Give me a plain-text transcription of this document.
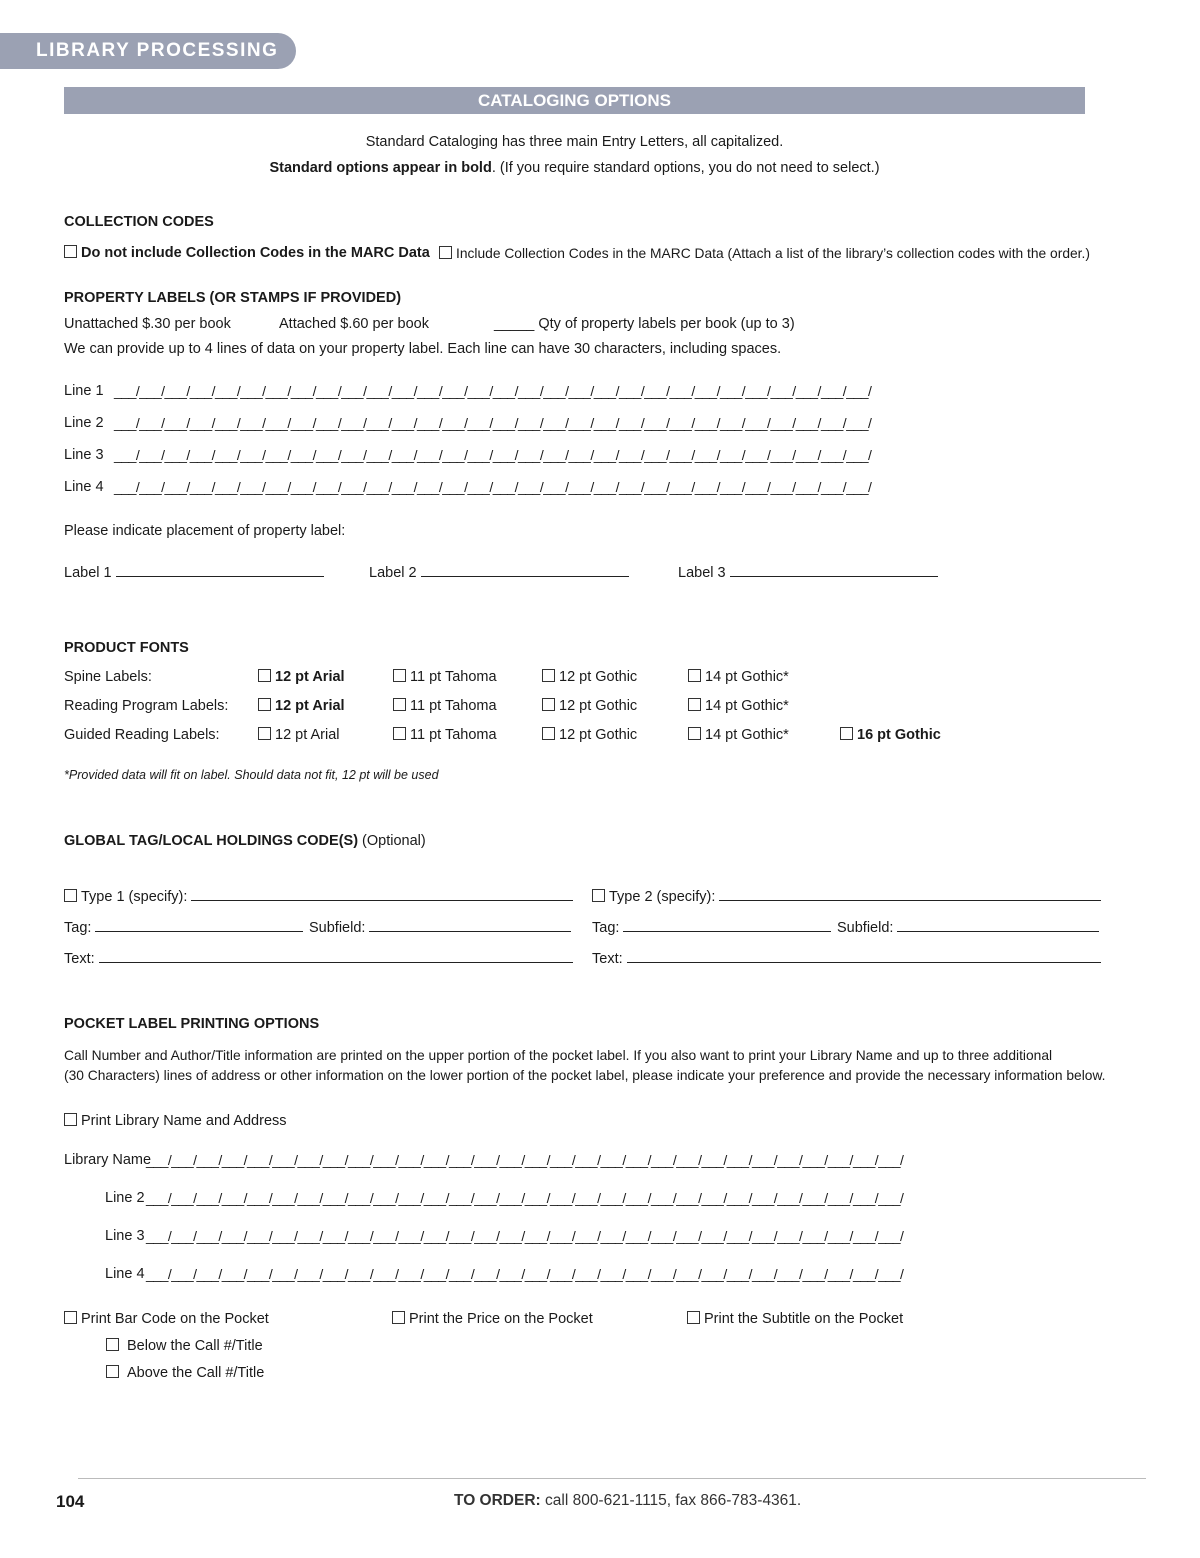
LIBRARY PROCESSING
CATALOGING OPTIONS
Standard Cataloging has three main Entry Letters, all capitalized.
Standard options appear in bold. (If you require standard options, you do not need to select.)
COLLECTION CODES
Do not include Collection Codes in the MARC Data	Include Collection Codes in the MARC Data (Attach a list of the library’s collection codes with the order.)
PROPERTY LABELS (OR STAMPS IF PROVIDED)
Unattached $.30 per book	Attached $.60 per book	_____ Qty of property labels per book (up to 3)
We can provide up to 4 lines of data on your property label. Each line can have 30 characters, including spaces.
Line 1 ___/___/___/___/___/___/___/___/___/___/___/___/___/___/___/___/___/___/___/___/___/___/___/___/___/___/___/___/___/___/
Line 2 ___/___/___/___/___/___/___/___/___/___/___/___/___/___/___/___/___/___/___/___/___/___/___/___/___/___/___/___/___/___/
Line 3 ___/___/___/___/___/___/___/___/___/___/___/___/___/___/___/___/___/___/___/___/___/___/___/___/___/___/___/___/___/___/
Line 4 ___/___/___/___/___/___/___/___/___/___/___/___/___/___/___/___/___/___/___/___/___/___/___/___/___/___/___/___/___/___/
Please indicate placement of property label:
Label 1	Label 2	Label 3
PRODUCT FONTS
Spine Labels:	12 pt Arial	11 pt Tahoma	12 pt Gothic	14 pt Gothic*
Reading Program Labels:	12 pt Arial	11 pt Tahoma	12 pt Gothic	14 pt Gothic*
Guided Reading Labels:	12 pt Arial	11 pt Tahoma	12 pt Gothic	14 pt Gothic*	16 pt Gothic
*Provided data will fit on label. Should data not fit, 12 pt will be used
GLOBAL TAG/LOCAL HOLDINGS CODE(S) (Optional)
Type 1 (specify):	Type 2 (specify):
Tag:	Subfield:	Tag:	Subfield:
Text:	Text:
POCKET LABEL PRINTING OPTIONS
Call Number and Author/Title information are printed on the upper portion of the pocket label. If you also want to print your Library Name and up to three additional
(30 Characters) lines of address or other information on the lower portion of the pocket label, please indicate your preference and provide the necessary information below.
Print Library Name and Address
Library Name
___/___/___/___/___/___/___/___/___/___/___/___/___/___/___/___/___/___/___/___/___/___/___/___/___/___/___/___/___/___/
Line 2 ___/___/___/___/___/___/___/___/___/___/___/___/___/___/___/___/___/___/___/___/___/___/___/___/___/___/___/___/___/___/
Line 3 ___/___/___/___/___/___/___/___/___/___/___/___/___/___/___/___/___/___/___/___/___/___/___/___/___/___/___/___/___/___/
Line 4 ___/___/___/___/___/___/___/___/___/___/___/___/___/___/___/___/___/___/___/___/___/___/___/___/___/___/___/___/___/___/
Print Bar Code on the Pocket	Print the Price on the Pocket	Print the Subtitle on the Pocket
Below the Call #/Title
Above the Call #/Title
104	TO ORDER: call 800-621-1115, fax 866-783-4361.
